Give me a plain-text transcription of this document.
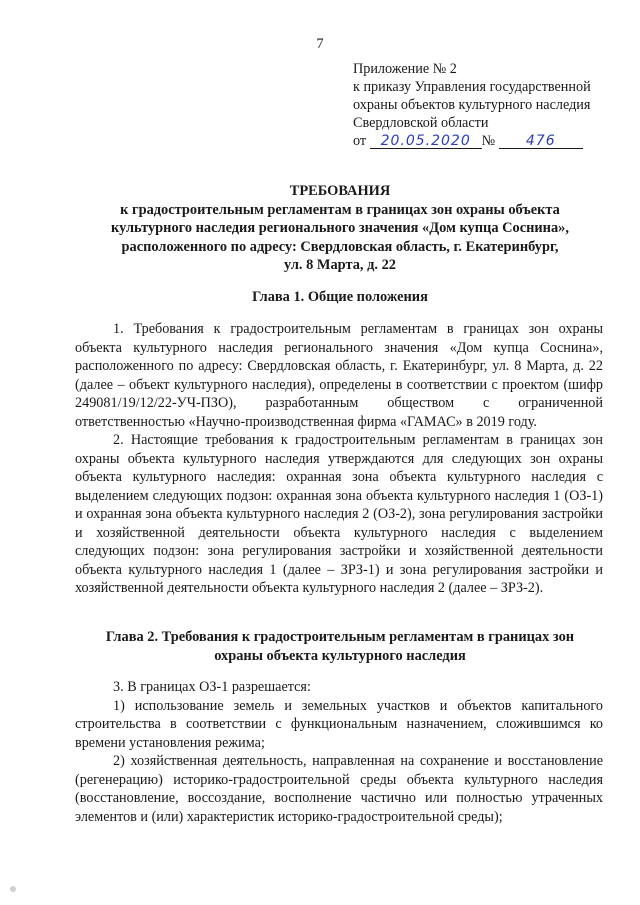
7
Приложение № 2
к приказу Управления государственной
охраны объектов культурного наследия
Свердловской области
от 20.05.2020 № 476
ТРЕБОВАНИЯ
к градостроительным регламентам в границах зон охраны объекта
культурного наследия регионального значения «Дом купца Соснина»,
расположенного по адресу: Свердловская область, г. Екатеринбург,
ул. 8 Марта, д. 22
Глава 1. Общие положения

1. Требования к градостроительным регламентам в границах зон охраны объекта культурного наследия регионального значения «Дом купца Соснина», расположенного по адресу: Свердловская область, г. Екатеринбург, ул. 8 Марта, д. 22 (далее – объект культурного наследия), определены в соответствии с проектом (шифр 249081/19/12/22-УЧ-ПЗО), разработанным обществом с ограниченной ответственностью «Научно-производственная фирма «ГАМАС» в 2019 году.

2. Настоящие требования к градостроительным регламентам в границах зон охраны объекта культурного наследия утверждаются для следующих зон охраны объекта культурного наследия: охранная зона объекта культурного наследия с выделением следующих подзон: охранная зона объекта культурного наследия 1 (ОЗ-1) и охранная зона объекта культурного наследия 2 (ОЗ-2), зона регулирования застройки и хозяйственной деятельности объекта культурного наследия с выделением следующих подзон: зона регулирования застройки и хозяйственной деятельности объекта культурного наследия 1 (далее – ЗРЗ-1) и зона регулирования застройки и хозяйственной деятельности объекта культурного наследия 2 (далее – ЗРЗ-2).

Глава 2. Требования к градостроительным регламентам в границах зон
охраны объекта культурного наследия

3. В границах ОЗ-1 разрешается:

1) использование земель и земельных участков и объектов капитального строительства в соответствии с функциональным назначением, сложившимся ко времени установления режима;

2) хозяйственная деятельность, направленная на сохранение и восстановление (регенерацию) историко-градостроительной среды объекта культурного наследия (восстановление, воссоздание, восполнение частично или полностью утраченных элементов и (или) характеристик историко-градостроительной среды);
